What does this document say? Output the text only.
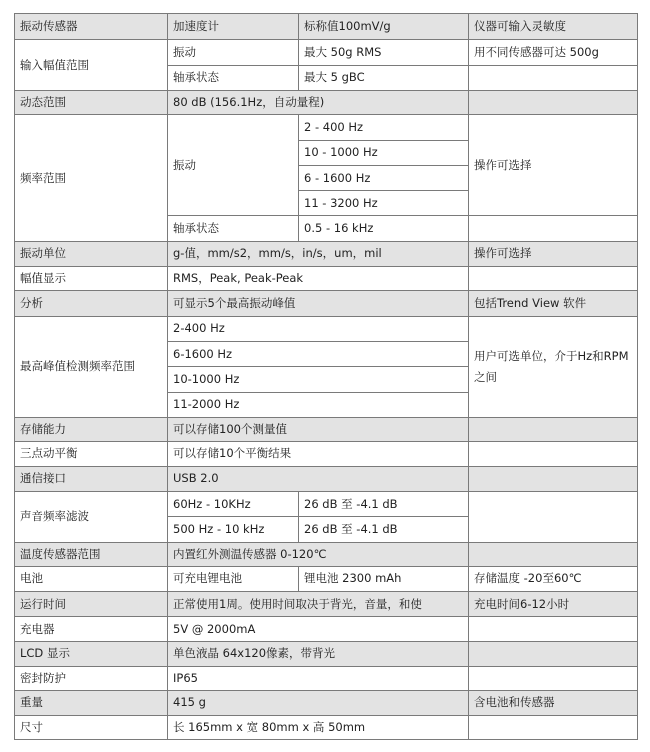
振动传感器	加速度计	标称值100mV/g	仪器可输入灵敏度
输入幅值范围	振动	最大 50g RMS	用不同传感器可达 500g
	轴承状态	最大 5 gBC	
动态范围	80 dB (156.1Hz，自动量程)		
频率范围	振动	2 - 400 Hz	操作可选择
		10 - 1000 Hz	
		6 - 1600 Hz	
		11 - 3200 Hz	
	轴承状态	0.5 - 16 kHz	
振动单位	g-值，mm/s2，mm/s，in/s，um，mil		操作可选择
幅值显示	RMS，Peak, Peak-Peak		
分析	可显示5个最高振动峰值		包括Trend View 软件
最高峰值检测频率范围	2-400 Hz		用户可选单位，介于Hz和RPM之间
	6-1600 Hz		
	10-1000 Hz		
	11-2000 Hz		
存储能力	可以存储100个测量值		
三点动平衡	可以存储10个平衡结果		
通信接口	USB 2.0		
声音频率滤波	60Hz - 10KHz	26 dB 至 -4.1 dB	
	500 Hz - 10 kHz	26 dB 至 -4.1 dB	
温度传感器范围	内置红外测温传感器 0-120℃		
电池	可充电锂电池	锂电池 2300 mAh	存储温度 -20至60℃
运行时间	正常使用1周。使用时间取决于背光，音量，和使		充电时间6-12小时
充电器	5V @ 2000mA		
LCD 显示	单色液晶 64x120像素，带背光		
密封防护	IP65		
重量	415 g		含电池和传感器
尺寸	长 165mm x 宽 80mm x 高 50mm		
